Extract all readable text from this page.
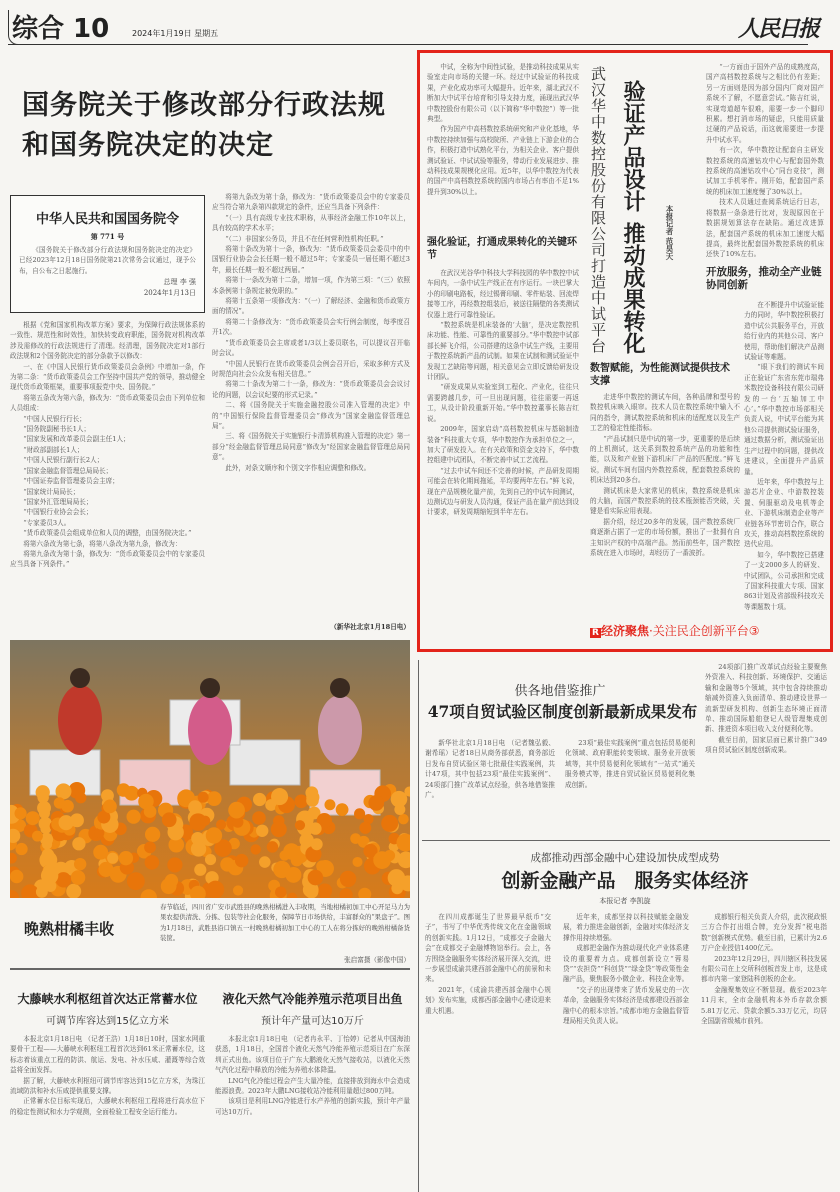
综合 10	2024年1月19日 星期五	人民日报
国务院关于修改部分行政法规和国务院决定的决定
中华人民共和国国务院令
第 771 号
《国务院关于修改部分行政法规和国务院决定的决定》已经2023年12月18日国务院第21次常务会议通过，现予公布，自公布之日起施行。
总理 李 强
2024年1月13日

根据《党和国家机构改革方案》要求，为保障行政法规体系的一致性、规范性和时效性，加快转变政府职能，国务院对机构改革涉及需修改的行政法规进行了清理。经清理，国务院决定对1部行政法规和2个国务院决定的部分条款予以修改：

一、在《中国人民银行货币政策委员会条例》中增加一条，作为第二条：“货币政策委员会工作坚持中国共产党的领导，推动健全现代货币政策框架，重要事项报党中央、国务院。”

将第五条改为第六条，修改为：“货币政策委员会由下列单位和人员组成：

“中国人民银行行长；

“国务院副秘书长1人；

“国家发展和改革委员会副主任1人；

“财政部副部长1人；

“中国人民银行副行长2人；

“国家金融监督管理总局局长；

“中国证券监督管理委员会主席；

“国家统计局局长；

“国家外汇管理局局长；

“中国银行业协会会长；

“专家委员3人。

“货币政策委员会组成单位和人员的调整，由国务院决定。”

将第六条改为第七条，将第八条改为第九条，修改为：

将第九条改为第十条，修改为：“货币政策委员会中的专家委员应当具备下列条件。”

将第九条改为第十条，修改为：“货币政策委员会中的专家委员应当符合第九条第四款规定的条件，还应当具备下列条件：

“（一）具有高级专业技术职称，从事经济金融工作10年以上，具有较高的学术水平；

“（二）非国家公务员，并且不在任何营利性机构任职。”

将第十条改为第十一条，修改为：“货币政策委员会委员中的中国银行业协会会长任期一般不超过5年；专家委员一届任期不超过3年，最长任期一般不超过两届。”

将第十一条改为第十二条，增加一项，作为第三项：“（三）依照本条例第十条规定被免职的。”

将第十五条第一项修改为：“（一）了解经济、金融和货币政策方面的情况”。

将第二十条修改为：“货币政策委员会实行例会制度，每季度召开1次。

“货币政策委员会主席或者1/3以上委员联名，可以提议召开临时会议。

“中国人民银行在货币政策委员会例会召开后，采取多种方式及时规范向社会公众发布相关信息。”

将第二十条改为第二十一条，修改为：“货币政策委员会会议讨论的问题，以会议纪要的形式记录。”

二、将《国务院关于实施金融控股公司准入管理的决定》中的“中国银行保险监督管理委员会”修改为“国家金融监督管理总局”。

三、将《国务院关于实施银行卡清算机构准入管理的决定》第一部分“经金融监督管理总局同意”修改为“经国家金融监督管理总局同意”。

此外，对条文顺序和个别文字作相应调整和修改。

（新华社北京1月18日电）

中试，全称为中间性试验，是推动科技成果从实验室走向市场的关键一环。经过中试验证的科技成果，产业化成功率可大幅提升。近年来，湖北武汉不断加大中试平台培育和引导支持力度，涌现出武汉华中数控股份有限公司（以下简称“华中数控”）等一批典型。

作为国产中高档数控系统研究和产业化基地，华中数控持续加强与高校院所、产业链上下游企业的合作，积极打造中试熟化平台，为相关企业、客户提供测试验证、中试试验等服务，带动行业发展进步、推动科技成果规模化应用。近5年，以华中数控为代表的国产中高档数控系统的国内市场占有率由不足1%提升到30%以上。

强化验证，打通成果转化的关键环节

在武汉光谷华中科技大学科技园的华中数控中试车间内，一条中试生产线正在有序运行。一块巴掌大小的印刷电路板，经过锡膏印刷、零件贴装、回流焊接等工序，再经数控组装后，被送往隔壁的各类测试仪器上进行可靠性验证。

“数控系统是机床装备的‘大脑’，是决定数控机床功能、性能、可靠性的重要部分。”华中数控中试部部长鲜飞介绍，公司搭建的这条中试生产线，主要用于数控系统新产品的试制。如果在试制和测试验证中发现工艺缺陷等问题，相关意见会立即反馈给研发设计团队。

“研发成果从实验室到工程化、产业化，往往只需要跨越几步，可一旦出现问题，往往需要一再返工，从设计阶段重新开始。”华中数控董事长陈吉红说。

2009年，国家启动“高档数控机床与基础制造装备”科技重大专项，华中数控作为承担单位之一，加大了研发投入。在有关政策和资金支持下，华中数控组建中试团队，不断完善中试工艺流程。

“过去中试车间还不完善的时候，产品研发周期可能会在转化期间拖延，平均要两年左右。”鲜飞说，现在产品规模化量产前，先到自己的中试车间测试，边测试边与研发人员沟通，保证产品在量产前达到设计要求，研发周期缩短到半年左右。

武汉华中数控股份有限公司打造中试平台 验证产品设计
推动成果转化	本报记者 范昊天
数智赋能，为性能测试提供技术支撑

走进华中数控的测试车间，各种品牌和型号的数控机床映入眼帘。技术人员在数控系统中输入不同的指令，测试数控系统和机床的适配度以及生产工艺的稳定性能指标。

“产品试制只是中试的第一步，更重要的是后续的上机测试，这关系到数控系统产品的功能和性能，以及和产业链下游机床厂产品的匹配度。”鲜飞说，测试车间有国内外数控系统，配套数控系统的机床达到20多台。

测试机床是大家常见的机床，数控系统是机床的大脑，而国产数控系统的技术瓶颈能否突破，关键是看实际应用表现。

据介绍，经过20多年的发展，国产数控系统厂商逐渐占据了一定的市场份额，推出了一批拥有自主知识产权的中高端产品。然而前些年，国产数控系统在进入市场时，却经历了一番波折。

“一方面由于国外产品的成熟度高，国产高档数控系统与之相比仍有差距；另一方面则是因为部分国内厂商对国产系统不了解，不愿意尝试。”陈吉红说，实现弯道超车很难，需要一步一个脚印积累。想打消市场的疑虑，只能用质量过硬的产品说话，而这就需要进一步提升中试水平。

有一次，华中数控让配套自主研发数控系统的高速钻攻中心与配套国外数控系统的高速钻攻中心“同台竞技”，测试加工手机零件。刚开始，配套国产系统的机床加工速度慢了30%以上。

技术人员通过查阅系统运行日志，将数据一条条进行比对，发现原因在于数据规划算法存在缺陷。通过改进算法，配套国产系统的机床加工速度大幅提高，最终比配套国外数控系统的机床还快了10%左右。

开放服务，推动全产业链协同创新

在不断提升中试验证能力的同时，华中数控积极打造中试公共服务平台，开放给行业内的其他公司、客户使用，帮助他们解决产品测试验证等难题。

“眼下我们的测试车间正在验证广东省东莞市瑞弗米数控设备科技有限公司研发的一台‘五轴加工中心’。”华中数控市场部相关负责人说，中试平台能为其他公司提供测试验证服务，通过数据分析，测试验证出生产过程中的问题，提供改进建议，全面提升产品质量。

近年来，华中数控与上游芯片企业、中游数控装置、伺服驱动及电机等企业、下游机床制造企业等产业链各环节密切合作，联合攻关，推动高档数控系统的迭代应用。

如今，华中数控已搭建了一支2000多人的研发、中试团队，公司承担和完成了国家科技重大专项、国家863计划及省部级科技攻关等课题数十项。

R 经济聚焦·关注民企创新平台③
晚熟柑橘丰收
春节临近，四川省广安市武胜县的晚熟柑橘进入丰收期，当地柑橘初加工中心开足马力为果农提供清洗、分拣、包装等社会化服务，保障节日市场供给，丰富群众的“果盘子”。图为1月18日，武胜县沿口镇五一村晚熟柑橘初加工中心的工人在将分拣好的晚熟柑橘备货装筐。
张启富摄（影像中国）
大藤峡水利枢纽首次达正常蓄水位
可调节库容达到15亿立方米

本报北京1月18日电 （记者王浩）1月18日10时，国家水网重要骨干工程——大藤峡水利枢纽工程首次达到61米正常蓄水位，这标志着该重点工程的防洪、航运、发电、补水压咸、灌溉等综合效益将全面发挥。

据了解，大藤峡水利枢纽可调节库容达到15亿立方米，为珠江流域防洪和补水压咸提供重要支撑。

正常蓄水位目标实现后，大藤峡水利枢纽工程将进行高水位下的稳定性测试和水力学观测，全面检验工程安全运行能力。

液化天然气冷能养殖示范项目出鱼
预计年产量可达10万斤

本报北京1月18日电 （记者冉永平、丁怡婷）记者从中国海油获悉，1月18日，全国首个液化天然气冷能养殖示范项目在广东深圳正式出鱼。该项目位于广东大鹏液化天然气接收站，以液化天然气汽化过程中释放的冷能为养殖水体降温。

LNG气化冷能过程会产生大量冷能，直接排放到海水中会造成能源浪费。2023年大鹏LNG接收站冷能利用量超过800万吨。

该项目是利用LNG冷能进行水产养殖的创新实践，预计年产量可达10万斤。

供各地借鉴推广
47项自贸试验区制度创新最新成果发布

新华社北京1月18日电 （记者魏弘毅、谢希瑶）记者18日从商务部获悉，商务部近日发布自贸试验区第七批最佳实践案例，共计47项，其中包括23项“最佳实践案例”、24项部门推广改革试点经验，供各地借鉴推广。

23项“最佳实践案例”重点包括贸易便利化领域、政府职能转变领域、服务业开放领域等，其中贸易便利化领域有“一站式”通关服务模式等，推进自贸试验区贸易便利化集成创新。

24项部门推广改革试点经验主要聚焦外资准入、科技创新、环境保护、交通运输和金融等5个领域，其中包含持续推动缩减外资准入负面清单、推动建设世界一流新型研发机构、创新生态环境正面清单、推动国际船舶登记人级管理集成创新、推进资本项目收入支付便利化等。

截至目前，国家层面已累计推广349项自贸试验区制度创新成果。

成都推动西部金融中心建设加快成型成势
创新金融产品　服务实体经济
本报记者 李凯旋

在四川成都诞生了世界最早纸币“交子”，书写了中华优秀传统文化在金融领域的创新实践。1月12日，“成都交子金融大会”在成都交子金融博物馆举行。会上，各方围绕金融服务实体经济展开深入交流，进一步展望成渝共建西部金融中心的前景和未来。

2021年，《成渝共建西部金融中心规划》发布实施，成都西部金融中心建设迎来重大机遇。

近年来，成都坚持以科技赋能金融发展，着力推进金融创新，金融对实体经济支撑作用持续增强。

成都把金融作为推动现代化产业体系建设的重要着力点。成都创新设立“蓉易贷”“农担贷”“科创贷”“绿金贷”等政策性金融产品，聚焦服务小微企业、科技企业等。

“交子的出现带来了货币发展史的一次革命，金融服务实体经济是成都建设西部金融中心的根本宗旨。”成都市地方金融监督管理局相关负责人说。

成都银行相关负责人介绍，此次税政银三方合作打出组合牌，充分发挥“税电指数”创新模式优势。截至目前，已累计为2.6万户企业授信1400亿元。

2023年12月29日，四川辖区科技发展有限公司在上交所科创板首发上市，这是成都市内第一家登陆科创板的企业。

金融聚集效应不断显现。截至2023年11月末，全市金融机构本外币存款余额5.81万亿元、贷款余额5.33万亿元，均居全国副省级城市前列。
